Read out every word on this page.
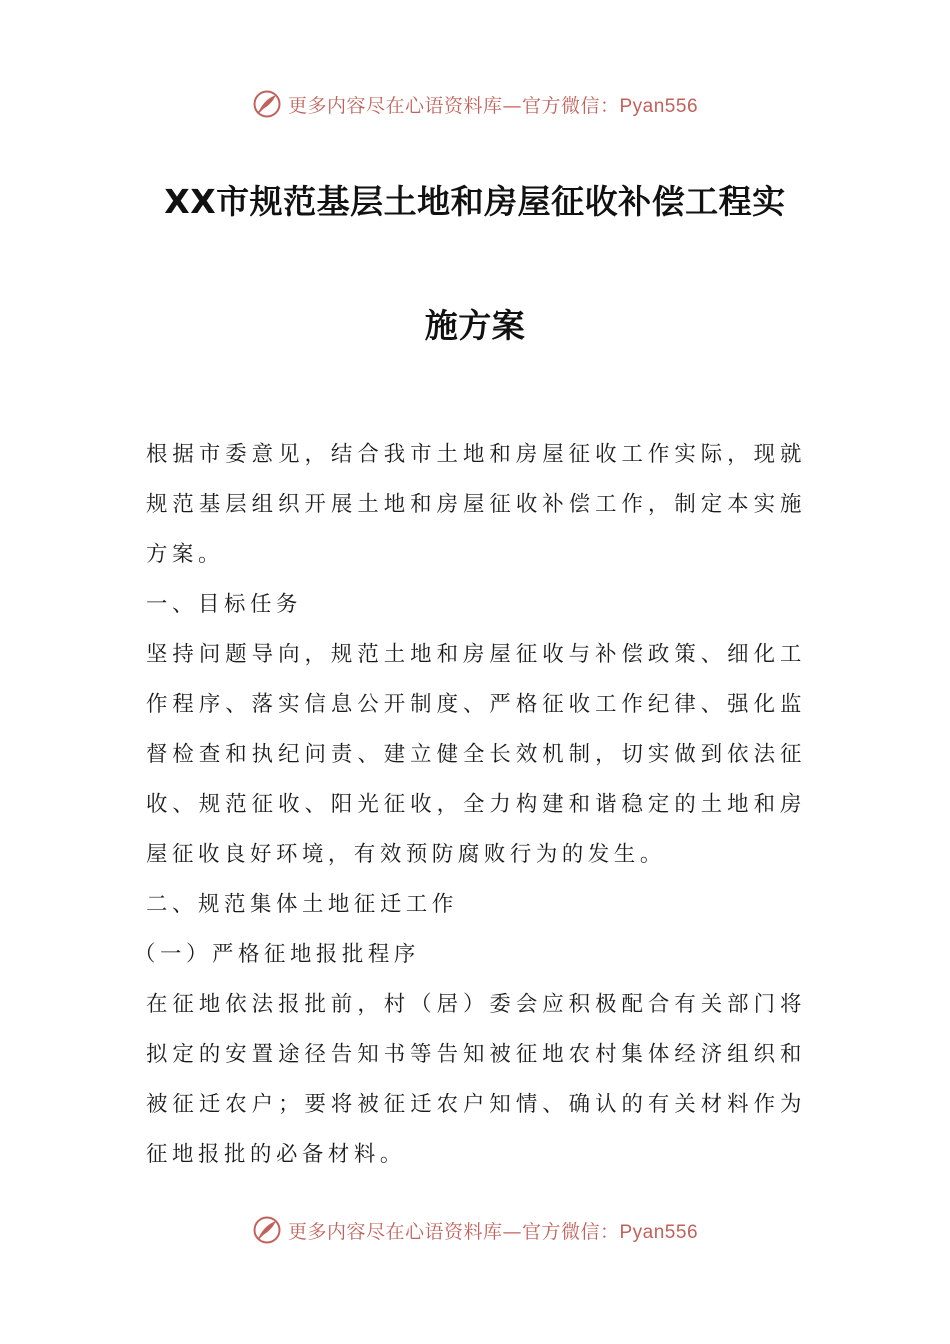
更多内容尽在心语资料库—官方微信：Pyan556
XX市规范基层土地和房屋征收补偿工程实
施方案

根据市委意见，结合我市土地和房屋征收工作实际，现就规范基层组织开展土地和房屋征收补偿工作，制定本实施方案。

一、目标任务

坚持问题导向，规范土地和房屋征收与补偿政策、细化工作程序、落实信息公开制度、严格征收工作纪律、强化监督检查和执纪问责、建立健全长效机制，切实做到依法征收、规范征收、阳光征收，全力构建和谐稳定的土地和房屋征收良好环境，有效预防腐败行为的发生。

二、规范集体土地征迁工作

（一）严格征地报批程序

在征地依法报批前，村（居）委会应积极配合有关部门将拟定的安置途径告知书等告知被征地农村集体经济组织和被征迁农户；要将被征迁农户知情、确认的有关材料作为征地报批的必备材料。

更多内容尽在心语资料库—官方微信：Pyan556
